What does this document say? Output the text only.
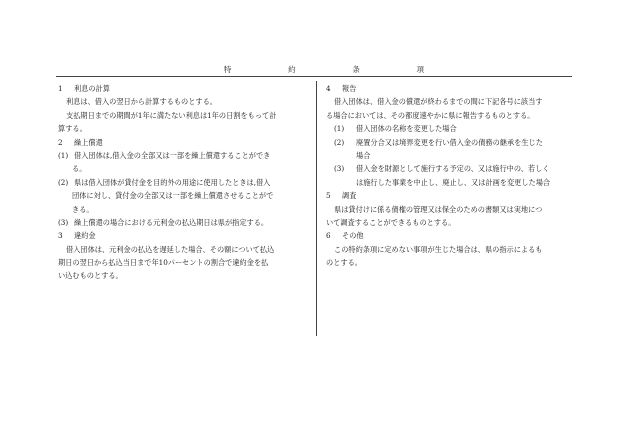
特	約	条	項
1 利息の計算
利息は、借入の翌日から計算するものとする。
支払期日までの期間が1年に満たない利息は1年の日割をもって計
算する。
2 繰上償還
(1) 借入団体は,借入金の全部又は一部を繰上償還することができ
る。
(2) 県は借入団体が貸付金を目的外の用途に使用したときは,借入
団体に対し、貸付金の全部又は一部を繰上償還させることがで
きる。
(3) 繰上償還の場合における元利金の払込期日は県が指定する。
3 違約金
借入団体は、元利金の払込を遅延した場合、その額について払込
期日の翌日から払込当日まで年10パーセントの割合で違約金を払
い込むものとする。
4 報告
借入団体は、借入金の償還が終わるまでの間に下記各号に該当す
る場合においては、その都度速やかに県に報告するものとする。
(1) 借入団体の名称を変更した場合
(2) 廃置分合又は境界変更を行い借入金の債務の継承を生じた
場合
(3) 借入金を財源として施行する予定の、又は施行中の、若しく
は施行した事業を中止し、廃止し、又は計画を変更した場合
5 調査
県は貸付けに係る債権の管理又は保全のための書類又は実地につ
いて調査することができるものとする。
6 その他
この特約条項に定めない事項が生じた場合は、県の指示によるも
のとする。
